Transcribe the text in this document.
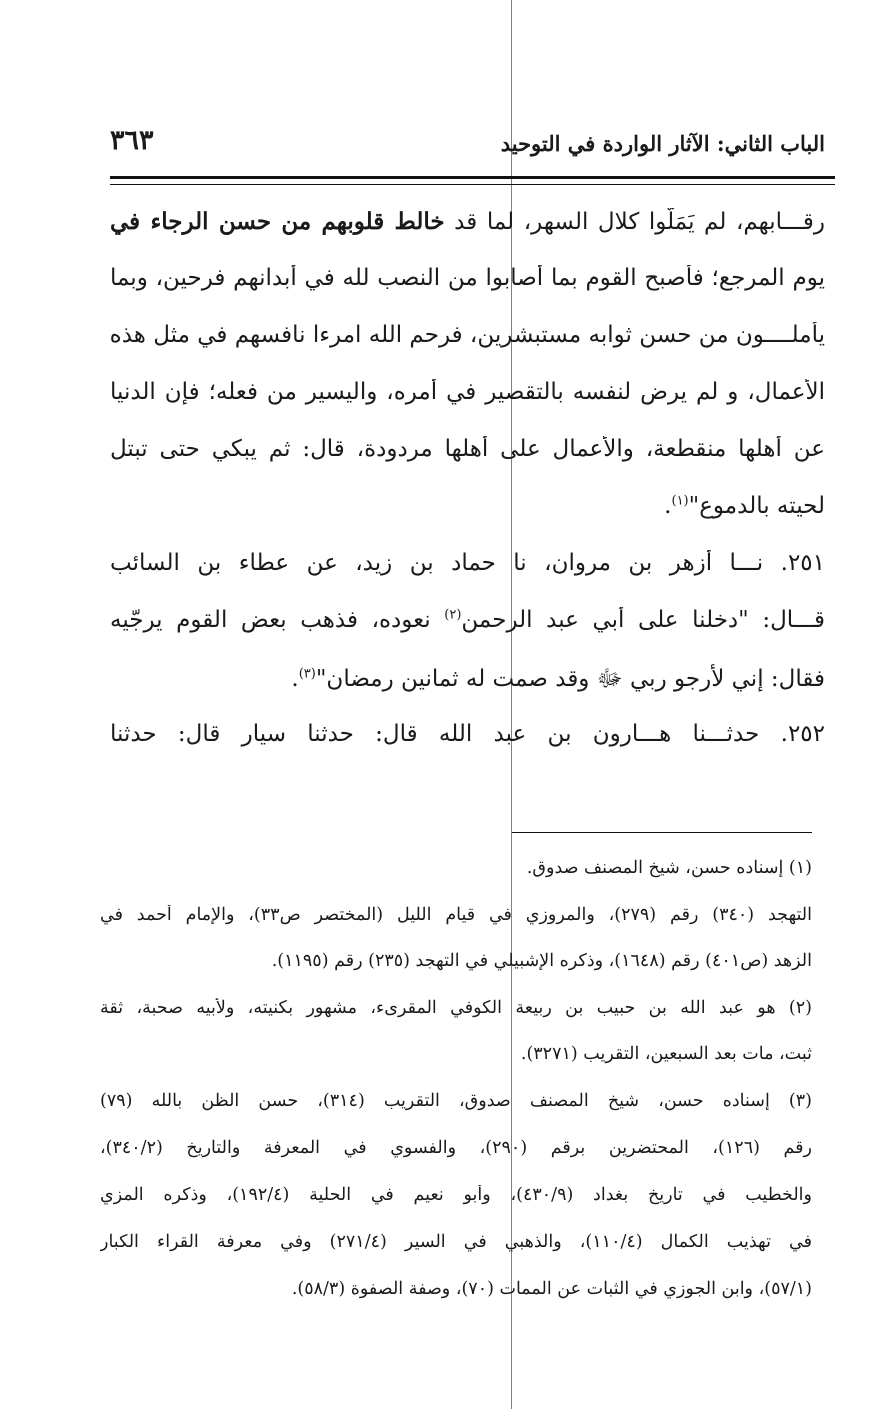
الباب الثاني: الآثار الواردة في التوحيد
٣٦٣
رقـــابهم، لم يَمَلُّوا كلال السهر، لما قد خالط قلوبهم من حسن الرجاء في
يوم المرجع؛ فأصبح القوم بما أصابوا من النصب لله في أبدانهم فرحين، وبما
يأملــــون من حسن ثوابه مستبشرين، فرحم الله امرءا نافسهم في مثل هذه
الأعمال، و لم يرض لنفسه بالتقصير في أمره، واليسير من فعله؛ فإن الدنيا
عن أهلها منقطعة، والأعمال على أهلها مردودة، قال: ثم يبكي حتى تبتل
لحيته بالدموع"$^{(١)}$.
٢٥١. نـــا أزهر بن مروان، نا حماد بن زيد، عن عطاء بن السائب
قـــال: "دخلنا على أبي عبد الرحمن$^{(٢)}$ نعوده، فذهب بعض القوم يرجّيه
فقال: إني لأرجو ربي ﷻ وقد صمت له ثمانين رمضان"$^{(٣)}$.
٢٥٢. حدثـــنا هـــارون بن عبد الله قال: حدثنا سيار قال: حدثنا
(١) إسناده حسن، شيخ المصنف صدوق.
التهجد (٣٤٠) رقم (٢٧٩)، والمروزي في قيام الليل (المختصر ص٣٣)، والإمام أحمد في
الزهد (ص٤٠١) رقم (١٦٤٨)، وذكره الإشبيلي في التهجد (٢٣٥) رقم (١١٩٥).
(٢) هو عبد الله بن حبيب بن ربيعة الكوفي المقرىء، مشهور بكنيته، ولأبيه صحبة، ثقة
ثبت، مات بعد السبعين، التقريب (٣٢٧١).
(٣) إسناده حسن، شيخ المصنف صدوق، التقريب (٣١٤)، حسن الظن بالله (٧٩)
رقم (١٢٦)، المحتضرين برقم (٢٩٠)، والفسوي في المعرفة والتاريخ (٣٤٠/٢)،
والخطيب في تاريخ بغداد (٤٣٠/٩)، وأبو نعيم في الحلية (١٩٢/٤)، وذكره المزي
في تهذيب الكمال (١١٠/٤)، والذهبي في السير (٢٧١/٤) وفي معرفة القراء الكبار
(٥٧/١)، وابن الجوزي في الثبات عن الممات (٧٠)، وصفة الصفوة (٥٨/٣).
